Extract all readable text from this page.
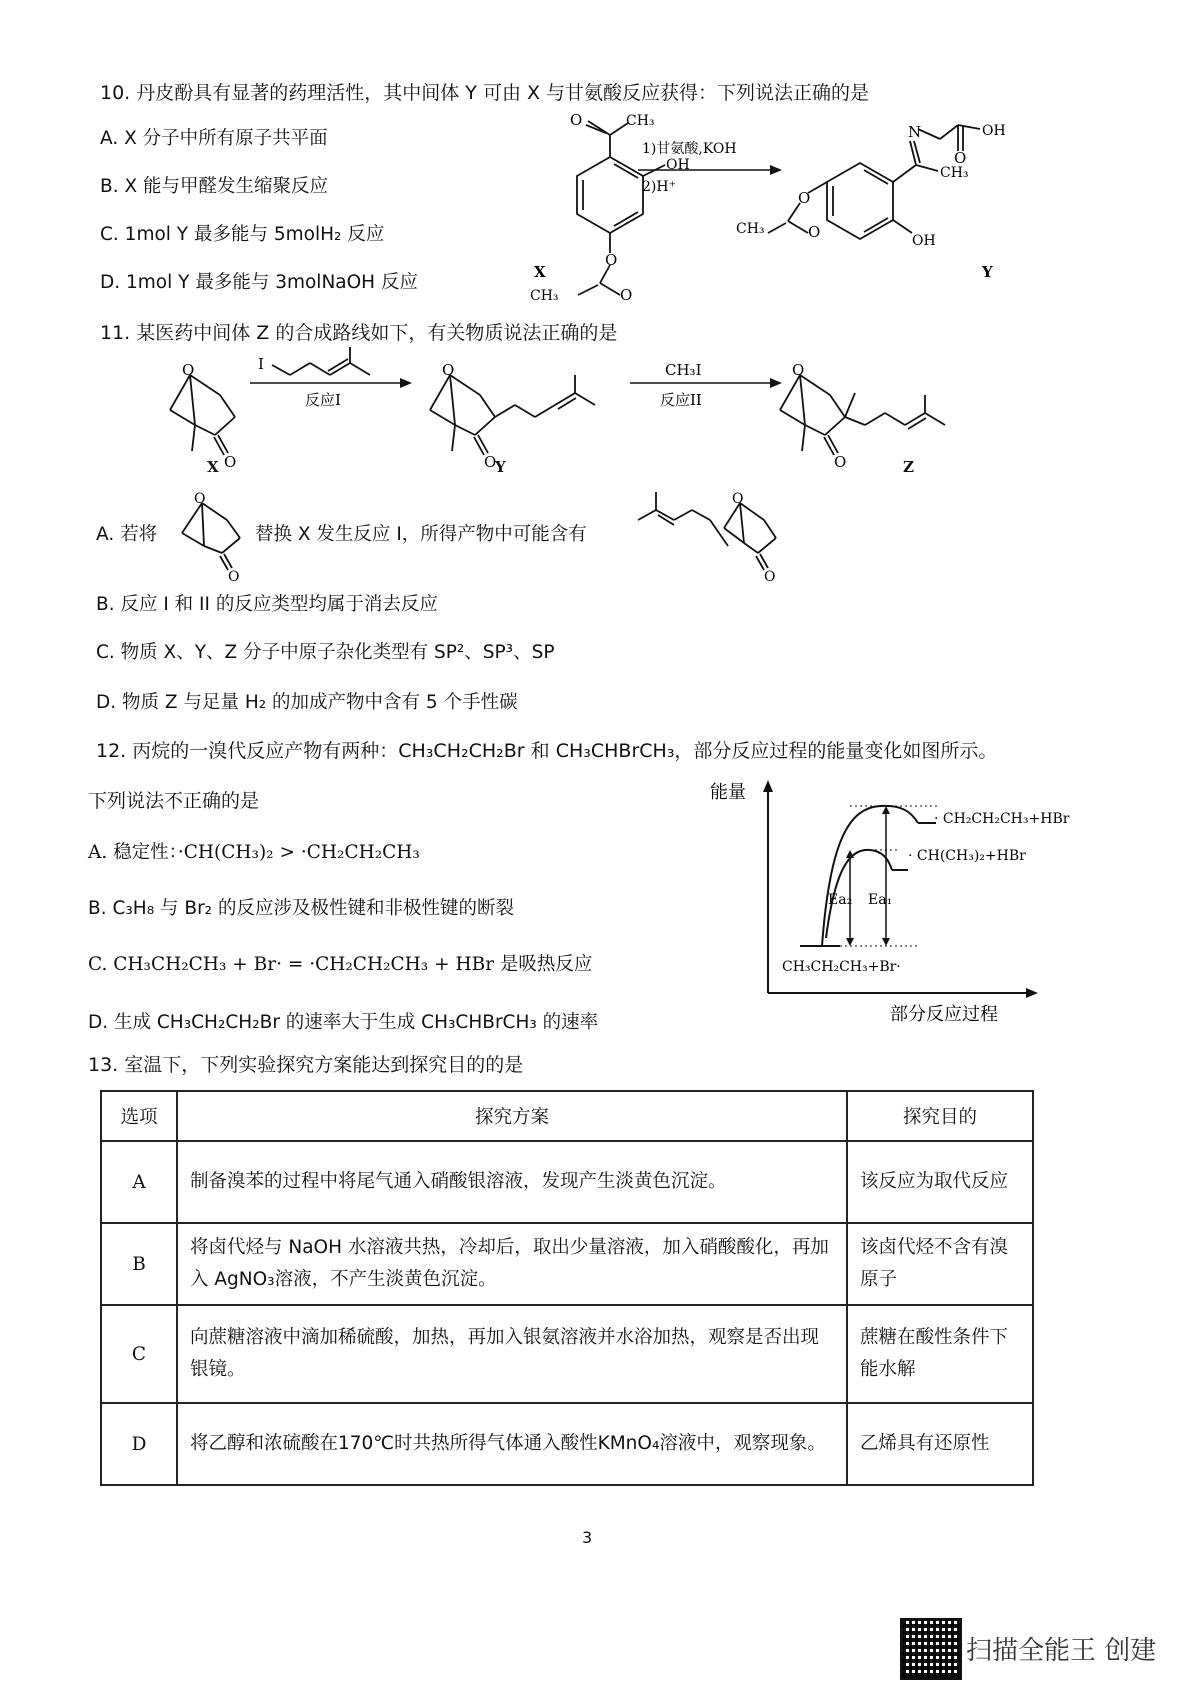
10. 丹皮酚具有显著的药理活性，其中间体 Y 可由 X 与甘氨酸反应获得：下列说法正确的是
A. X 分子中所有原子共平面
B. X 能与甲醛发生缩聚反应
C. 1mol Y 最多能与 5molH₂ 反应
D. 1mol Y 最多能与 3molNaOH 反应
O	CH₃
OH
O
O
CH₃
X
1)甘氨酸,KOH
2)H⁺
N
O
OH
CH₃
OH
O
O
CH₃
Y
11. 某医药中间体 Z 的合成路线如下，有关物质说法正确的是
O
O
I
反应I
O
O
CH₃I
反应II
O
O
X	Y	Z
A. 若将
O
O
替换 X 发生反应 I，所得产物中可能含有
O
O
B. 反应 I 和 II 的反应类型均属于消去反应
C. 物质 X、Y、Z 分子中原子杂化类型有 SP²、SP³、SP
D. 物质 Z 与足量 H₂ 的加成产物中含有 5 个手性碳
12. 丙烷的一溴代反应产物有两种：CH₃CH₂CH₂Br 和 CH₃CHBrCH₃，部分反应过程的能量变化如图所示。
下列说法不正确的是
A. 稳定性：·CH(CH₃)₂ > ·CH₂CH₂CH₃
B. C₃H₈ 与 Br₂ 的反应涉及极性键和非极性键的断裂
C. CH₃CH₂CH₃ + Br· = ·CH₂CH₂CH₃ + HBr 是吸热反应
D. 生成 CH₃CH₂CH₂Br 的速率大于生成 CH₃CHBrCH₃ 的速率
能量
部分反应过程
CH₃CH₂CH₃+Br·
· CH₂CH₂CH₃+HBr
· CH(CH₃)₂+HBr
Ea₂ Ea₁
13. 室温下，下列实验探究方案能达到探究目的的是
选项	探究方案	探究目的
A	制备溴苯的过程中将尾气通入硝酸银溶液，发现产生淡黄色沉淀。	该反应为取代反应
B	将卤代烃与 NaOH 水溶液共热，冷却后，取出少量溶液，加入硝酸酸化，再加入 AgNO₃溶液，不产生淡黄色沉淀。	该卤代烃不含有溴原子
C	向蔗糖溶液中滴加稀硫酸，加热，再加入银氨溶液并水浴加热，观察是否出现银镜。	蔗糖在酸性条件下能水解
D	将乙醇和浓硫酸在170℃时共热所得气体通入酸性KMnO₄溶液中，观察现象。	乙烯具有还原性
3
扫描全能王 创建
